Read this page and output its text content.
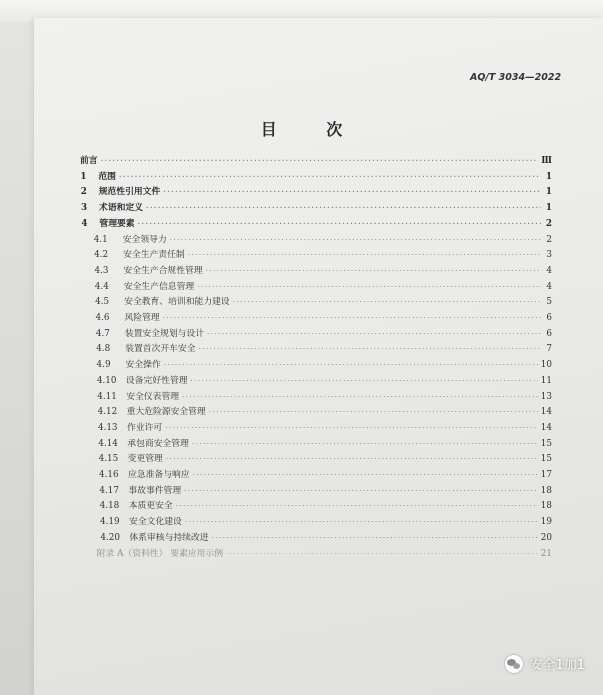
AQ/T 3034—2022
目 次
前言 ·····	Ⅲ
1	范围 ·····	1
2	规范性引用文件 ·····	1
3	术语和定义 ·····	1
4	管理要素 ·····	2
4.1	安全领导力 ·····	2
4.2	安全生产责任制 ·····	3
4.3	安全生产合规性管理 ·····	4
4.4	安全生产信息管理 ·····	4
4.5	安全教育、培训和能力建设 ·····	5
4.6	风险管理 ·····	6
4.7	装置安全规划与设计 ·····	6
4.8	装置首次开车安全 ·····	7
4.9	安全操作 ·····	10
4.10	设备完好性管理 ·····	11
4.11	安全仪表管理 ·····	13
4.12	重大危险源安全管理 ·····	14
4.13	作业许可 ·····	14
4.14	承包商安全管理 ·····	15
4.15	变更管理 ·····	15
4.16	应急准备与响应 ·····	17
4.17	事故事件管理 ·····	18
4.18	本质更安全 ·····	18
4.19	安全文化建设 ·····	19
4.20	体系审核与持续改进 ·····	20
附录 A（资料性） 要素应用示例 ·····	21
安全1加1
